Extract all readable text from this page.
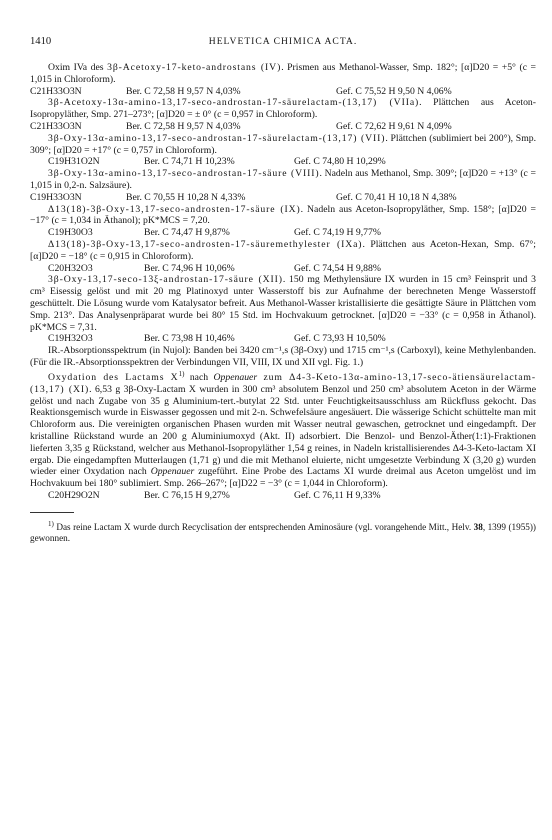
1410	HELVETICA CHIMICA ACTA.

Oxim IVa des 3β-Acetoxy-17-keto-androstans (IV). Prismen aus Methanol-Wasser, Smp. 182°; [α]D20 = +5° (c = 1,015 in Chloroform).

C21H33O3N	Ber. C 72,58 H 9,57 N 4,03%	Gef. C 75,52 H 9,50 N 4,06%

3β-Acetoxy-13α-amino-13,17-seco-androstan-17-säurelactam-(13,17) (VIIa). Plättchen aus Aceton-Isopropyläther, Smp. 271–273°; [α]D20 = ± 0° (c = 0,957 in Chloroform).

C21H33O3N	Ber. C 72,58 H 9,57 N 4,03%	Gef. C 72,62 H 9,61 N 4,09%

3β-Oxy-13α-amino-13,17-seco-androstan-17-säurelactam-(13,17) (VII). Plättchen (sublimiert bei 200°), Smp. 309°; [α]D20 = +17° (c = 0,757 in Chloroform).

C19H31O2N	Ber. C 74,71 H 10,23%	Gef. C 74,80 H 10,29%

3β-Oxy-13α-amino-13,17-seco-androstan-17-säure (VIII). Nadeln aus Methanol, Smp. 309°; [α]D20 = +13° (c = 1,015 in 0,2-n. Salzsäure).

C19H33O3N	Ber. C 70,55 H 10,28 N 4,33%	Gef. C 70,41 H 10,18 N 4,38%

Δ13(18)-3β-Oxy-13,17-seco-androsten-17-säure (IX). Nadeln aus Aceton-Isopropyläther, Smp. 158°; [α]D20 = −17° (c = 1,034 in Äthanol); pK*MCS = 7,20.

C19H30O3	Ber. C 74,47 H 9,87%	Gef. C 74,19 H 9,77%

Δ13(18)-3β-Oxy-13,17-seco-androsten-17-säuremethylester (IXa). Plättchen aus Aceton-Hexan, Smp. 67°; [α]D20 = −18° (c = 0,915 in Chloroform).

C20H32O3	Ber. C 74,96 H 10,06%	Gef. C 74,54 H 9,88%

3β-Oxy-13,17-seco-13ξ-androstan-17-säure (XII). 150 mg Methylensäure IX wurden in 15 cm³ Feinsprit und 3 cm³ Eisessig gelöst und mit 20 mg Platinoxyd unter Wasserstoff bis zur Aufnahme der berechneten Menge Wasserstoff geschüttelt. Die Lösung wurde vom Katalysator befreit. Aus Methanol-Wasser kristallisierte die gesättigte Säure in Plättchen vom Smp. 213°. Das Analysenpräparat wurde bei 80° 15 Std. im Hochvakuum getrocknet. [α]D20 = −33° (c = 0,958 in Äthanol). pK*MCS = 7,31.

C19H32O3	Ber. C 73,98 H 10,46%	Gef. C 73,93 H 10,50%

IR.-Absorptionsspektrum (in Nujol): Banden bei 3420 cm⁻¹,s (3β-Oxy) und 1715 cm⁻¹,s (Carboxyl), keine Methylenbanden. (Für die IR.-Absorptionsspektren der Verbindungen VII, VIII, IX und XII vgl. Fig. 1.)

Oxydation des Lactams $X^{1)}$ nach Oppenauer zum Δ4-3-Keto-13α-amino-13,17-seco-ätiensäurelactam-(13,17) (XI). 6,53 g 3β-Oxy-Lactam X wurden in 300 cm³ absolutem Benzol und 250 cm³ absolutem Aceton in der Wärme gelöst und nach Zugabe von 35 g Aluminium-tert.-butylat 22 Std. unter Feuchtigkeitsausschluss am Rückfluss gekocht. Das Reaktionsgemisch wurde in Eiswasser gegossen und mit 2-n. Schwefelsäure angesäuert. Die wässerige Schicht schüttelte man mit Chloroform aus. Die vereinigten organischen Phasen wurden mit Wasser neutral gewaschen, getrocknet und eingedampft. Der kristalline Rückstand wurde an 200 g Aluminiumoxyd (Akt. II) adsorbiert. Die Benzol- und Benzol-Äther(1:1)-Fraktionen lieferten 3,35 g Rückstand, welcher aus Methanol-Isopropyläther 1,54 g reines, in Nadeln kristallisierendes Δ4-3-Keto-lactam XI ergab. Die eingedampften Mutterlaugen (1,71 g) und die mit Methanol eluierte, nicht umgesetzte Verbindung X (3,20 g) wurden wieder einer Oxydation nach Oppenauer zugeführt. Eine Probe des Lactams XI wurde dreimal aus Aceton umgelöst und im Hochvakuum bei 180° sublimiert. Smp. 266–267°; [α]D22 = −3° (c = 1,044 in Chloroform).

C20H29O2N	Ber. C 76,15 H 9,27%	Gef. C 76,11 H 9,33%

$^{1)}$ Das reine Lactam X wurde durch Recyclisation der entsprechenden Aminosäure (vgl. vorangehende Mitt., Helv. 38, 1399 (1955)) gewonnen.
